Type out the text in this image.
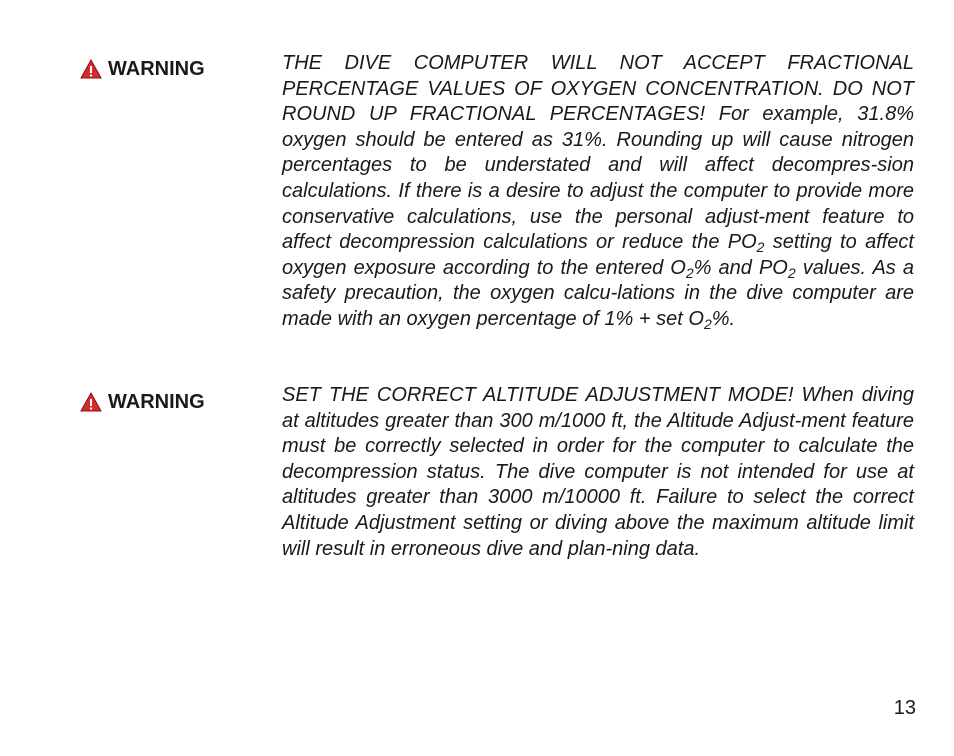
WARNING	THE DIVE COMPUTER WILL NOT ACCEPT FRACTIONAL PERCENTAGE VALUES OF OXYGEN CONCENTRATION. DO NOT ROUND UP FRACTIONAL PERCENTAGES! For example, 31.8% oxygen should be entered as 31%. Rounding up will cause nitrogen percentages to be understated and will affect decompres-sion calculations. If there is a desire to adjust the computer to provide more conservative calculations, use the personal adjust-ment feature to affect decompression calculations or reduce the $PO_2$ setting to affect oxygen exposure according to the entered $O_2\%$ and $PO_2$ values. As a safety precaution, the oxygen calcu-lations in the dive computer are made with an oxygen percentage of 1% + set $O_2\%$.

WARNING	SET THE CORRECT ALTITUDE ADJUSTMENT MODE! When diving at altitudes greater than 300 m/1000 ft, the Altitude Adjust-ment feature must be correctly selected in order for the computer to calculate the decompression status. The dive computer is not intended for use at altitudes greater than 3000 m/10000 ft. Failure to select the correct Altitude Adjustment setting or diving above the maximum altitude limit will result in erroneous dive and plan-ning data.

13
